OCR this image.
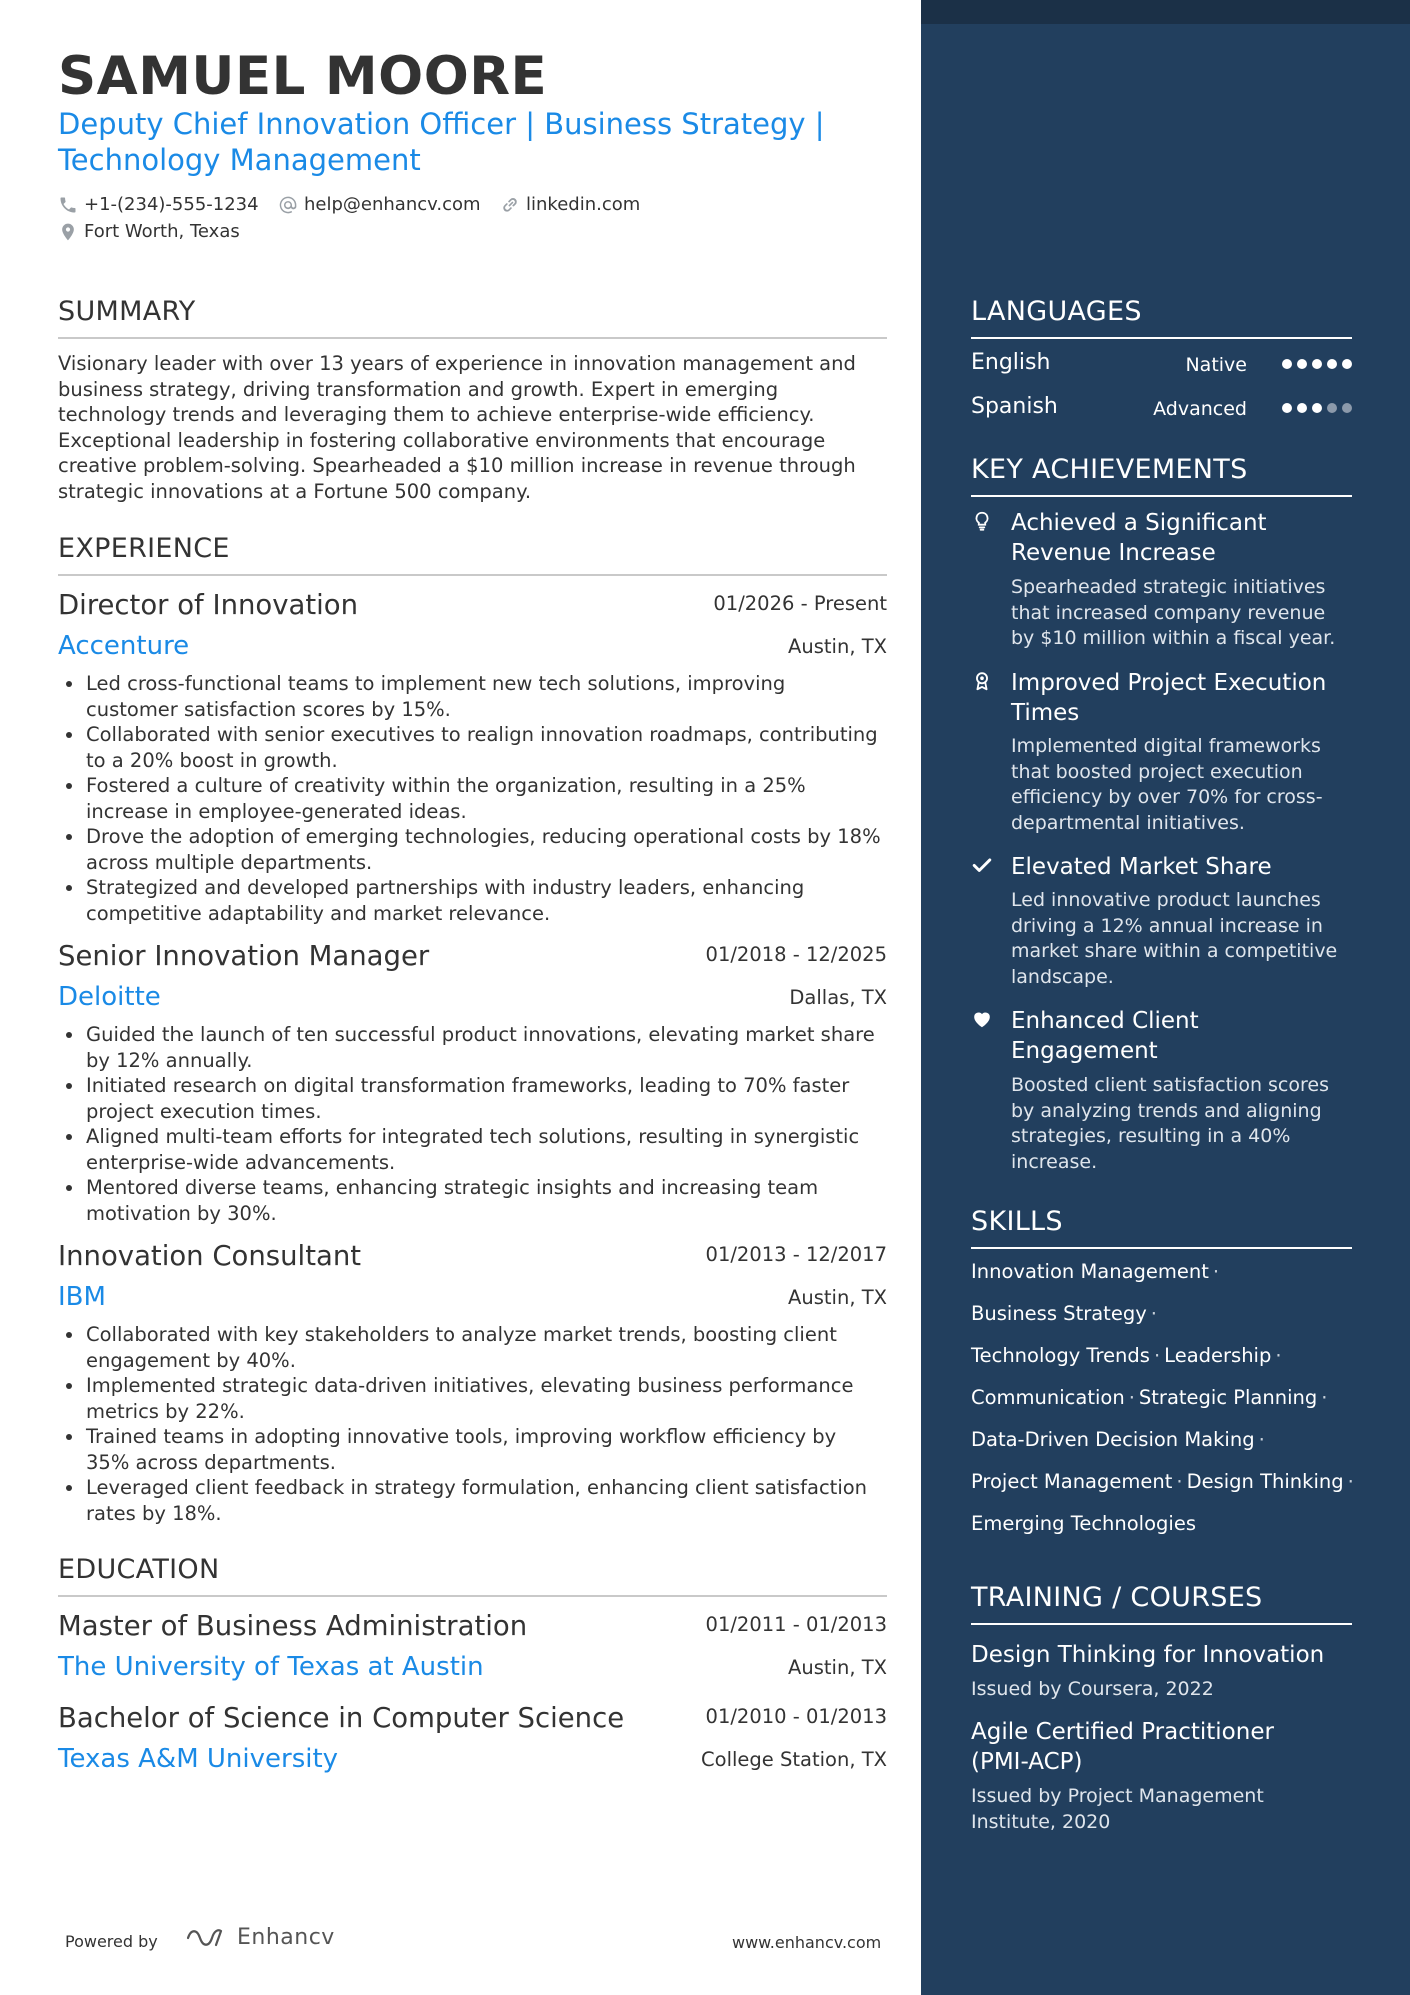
SAMUEL MOORE
Deputy Chief Innovation Officer | Business Strategy |
Technology Management
+1-(234)-555-1234	help@enhancv.com	linkedin.com
Fort Worth, Texas
SUMMARY
Visionary leader with over 13 years of experience in innovation management and
business strategy, driving transformation and growth. Expert in emerging
technology trends and leveraging them to achieve enterprise-wide efficiency.
Exceptional leadership in fostering collaborative environments that encourage
creative problem-solving. Spearheaded a $10 million increase in revenue through
strategic innovations at a Fortune 500 company.
EXPERIENCE
Director of Innovation	01/2026 - Present
Accenture	Austin, TX
Led cross-functional teams to implement new tech solutions, improving
customer satisfaction scores by 15%.
Collaborated with senior executives to realign innovation roadmaps, contributing
to a 20% boost in growth.
Fostered a culture of creativity within the organization, resulting in a 25%
increase in employee-generated ideas.
Drove the adoption of emerging technologies, reducing operational costs by 18%
across multiple departments.
Strategized and developed partnerships with industry leaders, enhancing
competitive adaptability and market relevance.
Senior Innovation Manager	01/2018 - 12/2025
Deloitte	Dallas, TX
Guided the launch of ten successful product innovations, elevating market share
by 12% annually.
Initiated research on digital transformation frameworks, leading to 70% faster
project execution times.
Aligned multi-team efforts for integrated tech solutions, resulting in synergistic
enterprise-wide advancements.
Mentored diverse teams, enhancing strategic insights and increasing team
motivation by 30%.
Innovation Consultant	01/2013 - 12/2017
IBM	Austin, TX
Collaborated with key stakeholders to analyze market trends, boosting client
engagement by 40%.
Implemented strategic data-driven initiatives, elevating business performance
metrics by 22%.
Trained teams in adopting innovative tools, improving workflow efficiency by
35% across departments.
Leveraged client feedback in strategy formulation, enhancing client satisfaction
rates by 18%.
EDUCATION
Master of Business Administration	01/2011 - 01/2013
The University of Texas at Austin	Austin, TX
Bachelor of Science in Computer Science	01/2010 - 01/2013
Texas A&M University	College Station, TX
Powered by	Enhancv	www.enhancv.com
LANGUAGES
English	Native
Spanish	Advanced
KEY ACHIEVEMENTS
Achieved a Significant
Revenue Increase
Spearheaded strategic initiatives
that increased company revenue
by $10 million within a fiscal year.
Improved Project Execution
Times
Implemented digital frameworks
that boosted project execution
efficiency by over 70% for cross-
departmental initiatives.
Elevated Market Share
Led innovative product launches
driving a 12% annual increase in
market share within a competitive
landscape.
Enhanced Client
Engagement
Boosted client satisfaction scores
by analyzing trends and aligning
strategies, resulting in a 40%
increase.
SKILLS
Innovation Management ·
Business Strategy ·
Technology Trends · Leadership ·
Communication · Strategic Planning ·
Data-Driven Decision Making ·
Project Management · Design Thinking ·
Emerging Technologies
TRAINING / COURSES
Design Thinking for Innovation
Issued by Coursera, 2022
Agile Certified Practitioner
(PMI-ACP)
Issued by Project Management
Institute, 2020
